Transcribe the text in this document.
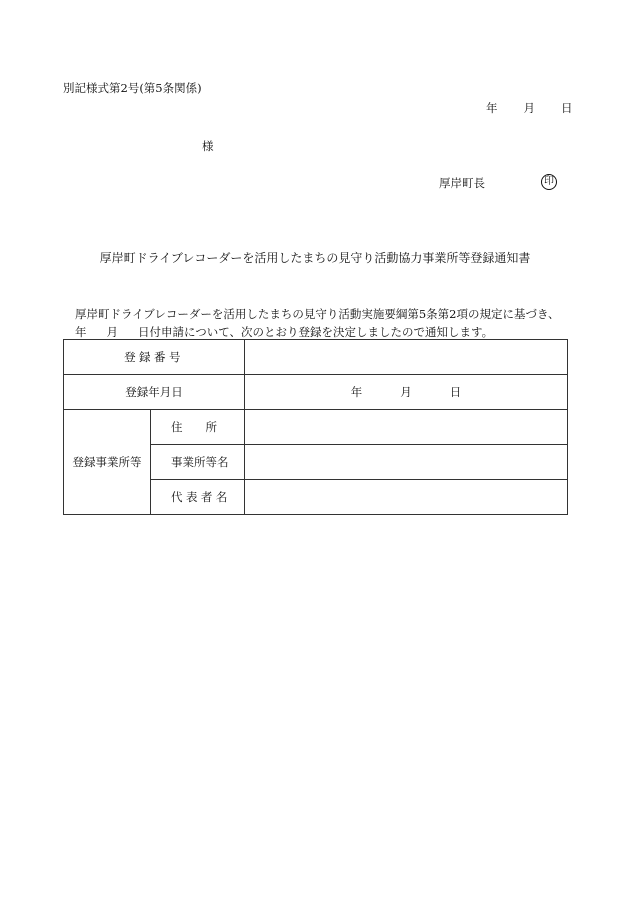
別記様式第2号(第5条関係)
年 月 日
様
厚岸町長	印
厚岸町ドライブレコーダーを活用したまちの見守り活動協力事業所等登録通知書
厚岸町ドライブレコーダーを活用したまちの見守り活動実施要綱第5条第2項の規定に基づき、
年 月 日付申請について、次のとおり登録を決定しましたので通知します。
登録番号		
登録年月日		年 月 日
登録事業所等	住所	
	事業所等名	
	代表者名	
